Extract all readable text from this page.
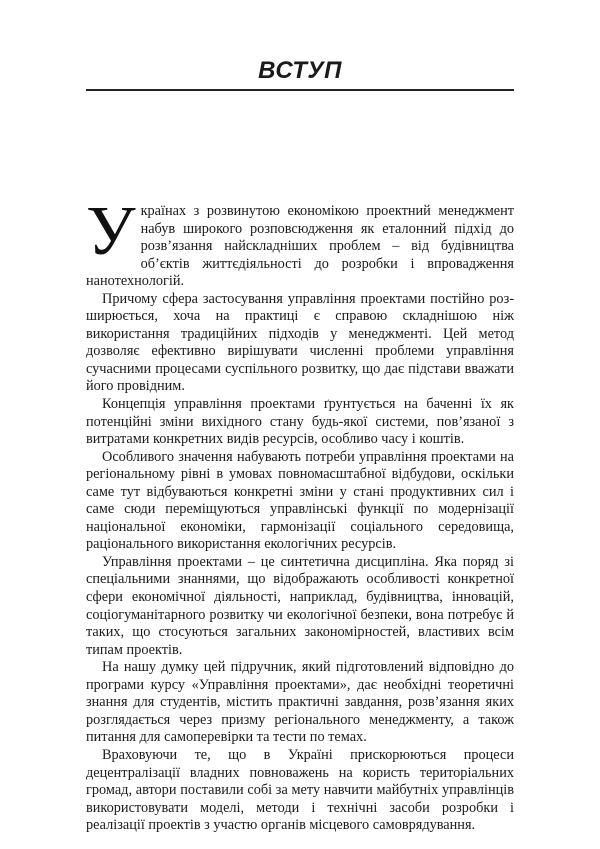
ВСТУП

Українах з розвинутою економікою проектний менеджмент набув широкого розповсюдження як еталонний підхід до розв’язання найскладніших проблем – від будівництва об’єктів життєдіяльності до розробки і впровадження нанотехнологій.

Причому сфера застосування управління проектами постійно розширюється, хоча на практиці є справою складнішою ніж використання традиційних підходів у менеджменті. Цей метод дозволяє ефективно вирішувати численні проблеми управління сучасними процесами суспільного розвитку, що дає підстави вважати його провідним.

Концепція управління проектами ґрунтується на баченні їх як потенційні зміни вихідного стану будь-якої системи, пов’язаної з витратами конкретних видів ресурсів, особливо часу і коштів.

Особливого значення набувають потреби управління проектами на регіональному рівні в умовах повномасштабної відбудови, оскільки саме тут відбуваються конкретні зміни у стані продуктивних сил і саме сюди переміщуються управлінські функції по модернізації національної економіки, гармонізації соціального середовища, раціонального використання екологічних ресурсів.

Управління проектами – це синтетична дисципліна. Яка поряд зі спеціальними знаннями, що відображають особливості конкретної сфери економічної діяльності, наприклад, будівництва, інновацій, соціогуманітарного розвитку чи екологічної безпеки, вона потребує й таких, що стосуються загальних закономірностей, властивих всім типам проектів.

На нашу думку цей підручник, який підготовлений відповідно до програми курсу «Управління проектами», дає необхідні теоретичні знання для студентів, містить практичні завдання, розв’язання яких розглядається через призму регіонального менеджменту, а також питання для самоперевірки та тести по темах.

Враховуючи те, що в Україні прискорюються процеси децентралізації владних повноважень на користь територіальних громад, автори поставили собі за мету навчити майбутніх управлінців використовувати моделі, методи і технічні засоби розробки і реалізації проектів з участю органів місцевого самоврядування.
